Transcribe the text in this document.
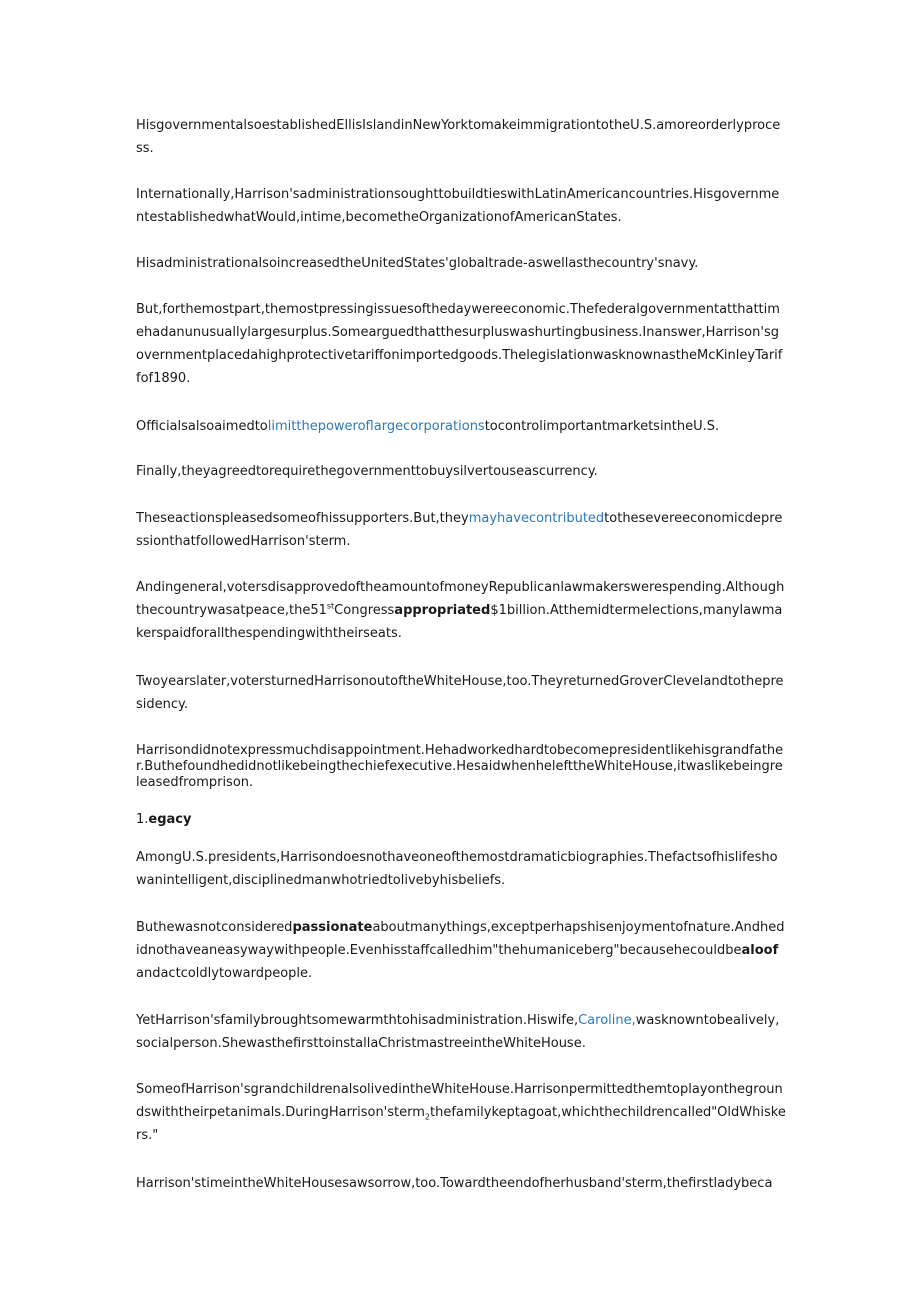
HisgovernmentalsoestablishedEllisIslandinNewYorktomakeimmigrationtotheU.S.amoreorderlyprocess.
Internationally,Harrison'sadministrationsoughttobuildtieswithLatinAmericancountries.HisgovernmentestablishedwhatWould,intime,becometheOrganizationofAmericanStates.
HisadministrationalsoincreasedtheUnitedStates'globaltrade-aswellasthecountry'snavy.
But,forthemostpart,themostpressingissuesofthedaywereeconomic.Thefederalgovernmentatthattimehadanunusuallylargesurplus.Somearguedthatthesurpluswashurtingbusiness.Inanswer,Harrison'sgovernmentplacedahighprotectivetariffonimportedgoods.ThelegislationwasknownastheMcKinleyTariffof1890.
OfficialsalsoaimedtolimitthepoweroflargecorporationstocontrolimportantmarketsintheU.S.
Finally,theyagreedtorequirethegovernmenttobuysilvertouseascurrency.
Theseactionspleasedsomeofhissupporters.But,theymayhavecontributedtothesevereeconomicdepressionthatfollowedHarrison'sterm.
Andingeneral,votersdisapprovedoftheamountofmoneyRepublicanlawmakerswerespending.Althoughthecountrywasatpeace,the51stCongressappropriated$1billion.Atthemidtermelections,manylawmakerspaidforallthespendingwiththeirseats.
Twoyearslater,votersturnedHarrisonoutoftheWhiteHouse,too.TheyreturnedGroverClevelandtothepresidency.
Harrisondidnotexpressmuchdisappointment.Hehadworkedhardtobecomepresidentlikehisgrandfather.Buthefoundhedidnotlikebeingthechiefexecutive.HesaidwhenhelefttheWhiteHouse,itwaslikebeingreleasedfromprison.
1.egacy
AmongU.S.presidents,Harrisondoesnothaveoneofthemostdramaticbiographies.Thefactsofhislifeshowanintelligent,disciplinedmanwhotriedtolivebyhisbeliefs.
Buthewasnotconsideredpassionateaboutmanythings,exceptperhapshisenjoymentofnature.Andhedidnothaveaneasywaywithpeople.Evenhisstaffcalledhim"thehumaniceberg"becausehecouldbealoofandactcoldlytowardpeople.
YetHarrison'sfamilybroughtsomewarmthtohisadministration.Hiswife,Caroline,wasknowntobealively,socialperson.ShewasthefirsttoinstallaChristmastreeintheWhiteHouse.
SomeofHarrison'sgrandchildrenalsolivedintheWhiteHouse.Harrisonpermittedthemtoplayonthegroundswiththeirpetanimals.DuringHarrison'sterm$_2$thefamilykeptagoat,whichthechildrencalled"OldWhiskers."
Harrison'stimeintheWhiteHousesawsorrow,too.Towardtheendofherhusband'sterm,thefirstladybeca
